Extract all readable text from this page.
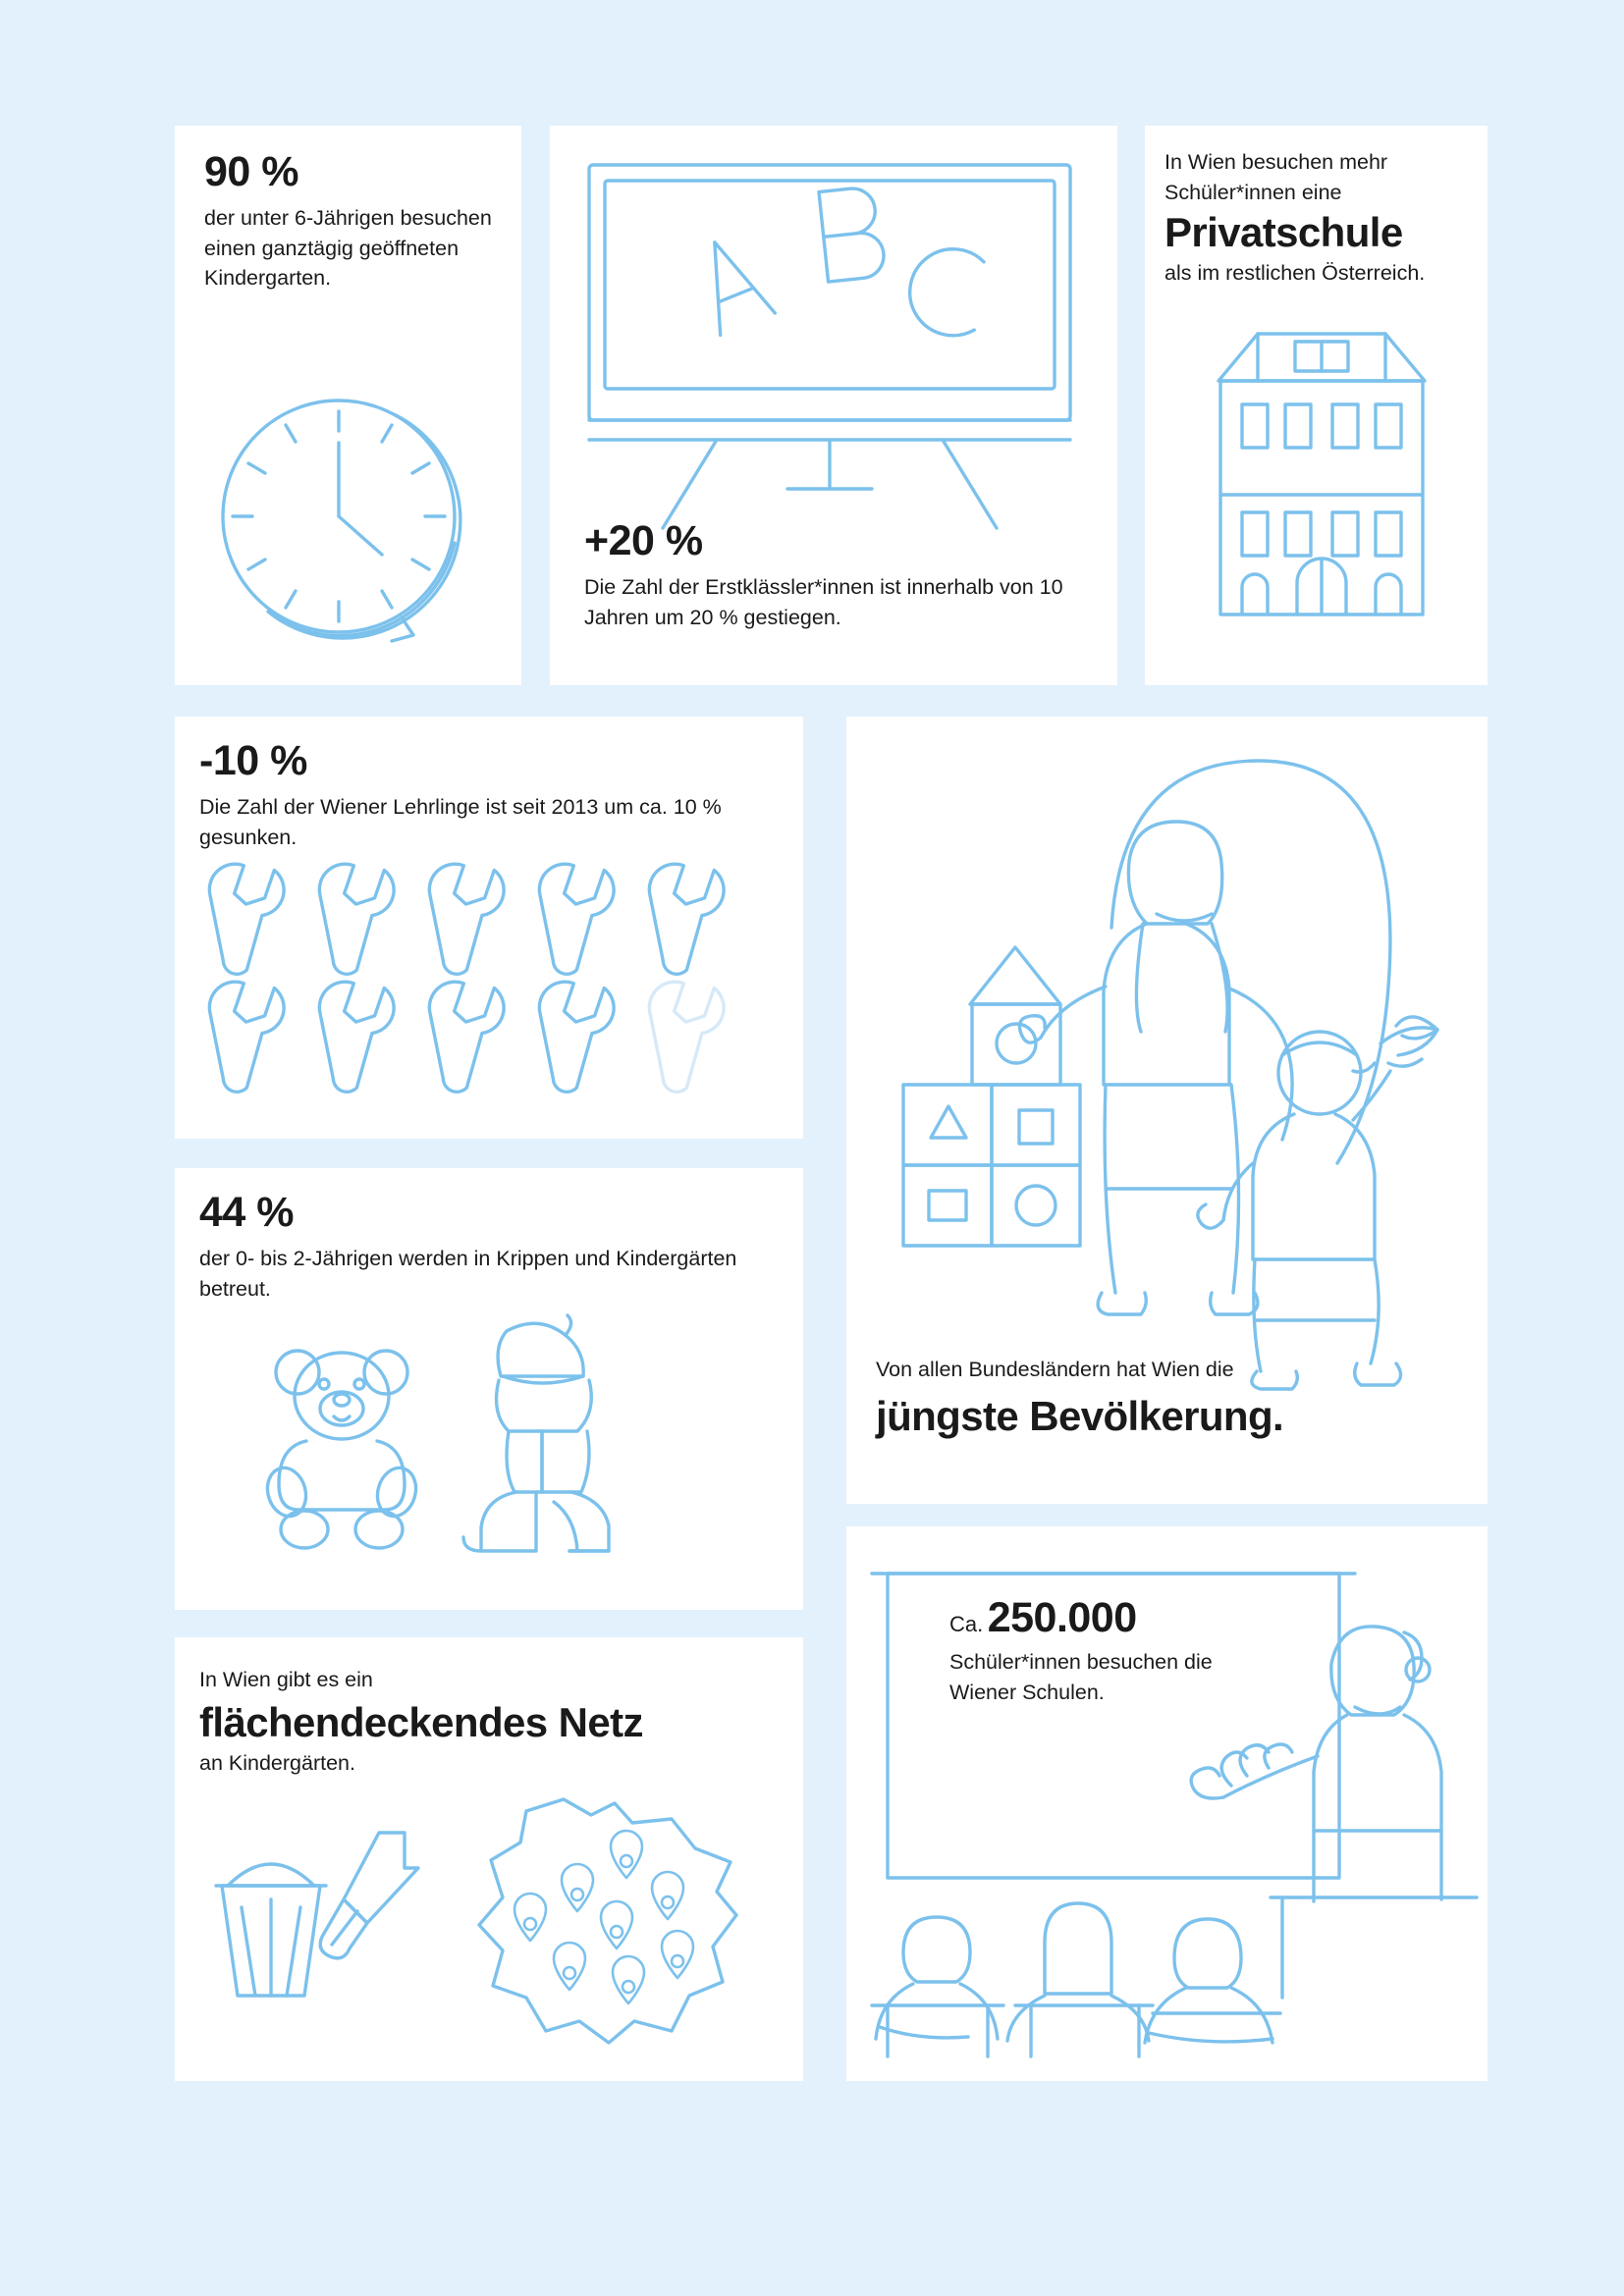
90 %
der unter 6-Jährigen besuchen einen ganztägig geöffneten Kindergarten.
+20 %
Die Zahl der Erstklässler*innen ist innerhalb von 10 Jahren um 20 % gestiegen.
In Wien besuchen mehr
Schüler*innen eine
Privatschule
als im restlichen Österreich.
-10 %
Die Zahl der Wiener Lehrlinge ist seit 2013 um ca. 10 % gesunken.
44 %
der 0- bis 2-Jährigen werden in Krippen und Kindergärten betreut.
In Wien gibt es ein
flächendeckendes Netz
an Kindergärten.
Von allen Bundesländern hat Wien die
jüngste Bevölkerung.
Ca. 250.000
Schüler*innen besuchen die Wiener Schulen.
